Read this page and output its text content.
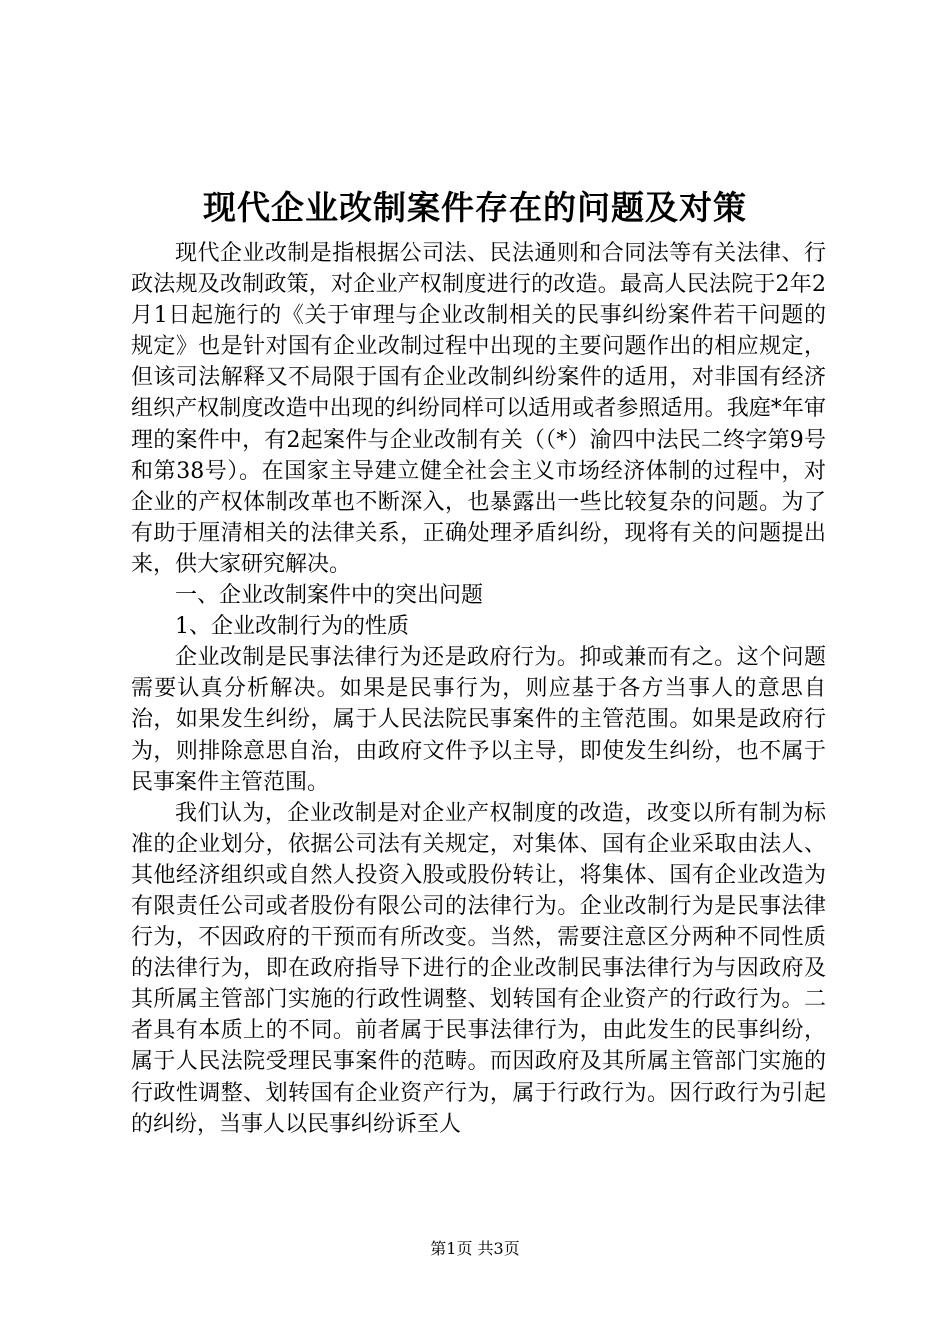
现代企业改制案件存在的问题及对策

现代企业改制是指根据公司法、民法通则和合同法等有关法律、行政法规及改制政策，对企业产权制度进行的改造。最高人民法院于2年2月1日起施行的《关于审理与企业改制相关的民事纠纷案件若干问题的规定》也是针对国有企业改制过程中出现的主要问题作出的相应规定，但该司法解释又不局限于国有企业改制纠纷案件的适用，对非国有经济组织产权制度改造中出现的纠纷同样可以适用或者参照适用。我庭*年审理的案件中，有2起案件与企业改制有关（（*）渝四中法民二终字第9号和第38号）。在国家主导建立健全社会主义市场经济体制的过程中，对企业的产权体制改革也不断深入，也暴露出一些比较复杂的问题。为了有助于厘清相关的法律关系，正确处理矛盾纠纷，现将有关的问题提出来，供大家研究解决。

一、企业改制案件中的突出问题

1、企业改制行为的性质

企业改制是民事法律行为还是政府行为。抑或兼而有之。这个问题需要认真分析解决。如果是民事行为，则应基于各方当事人的意思自治，如果发生纠纷，属于人民法院民事案件的主管范围。如果是政府行为，则排除意思自治，由政府文件予以主导，即使发生纠纷，也不属于民事案件主管范围。

我们认为，企业改制是对企业产权制度的改造，改变以所有制为标准的企业划分，依据公司法有关规定，对集体、国有企业采取由法人、其他经济组织或自然人投资入股或股份转让，将集体、国有企业改造为有限责任公司或者股份有限公司的法律行为。企业改制行为是民事法律行为，不因政府的干预而有所改变。当然，需要注意区分两种不同性质的法律行为，即在政府指导下进行的企业改制民事法律行为与因政府及其所属主管部门实施的行政性调整、划转国有企业资产的行政行为。二者具有本质上的不同。前者属于民事法律行为，由此发生的民事纠纷，属于人民法院受理民事案件的范畴。而因政府及其所属主管部门实施的行政性调整、划转国有企业资产行为，属于行政行为。因行政行为引起的纠纷，当事人以民事纠纷诉至人

第1页 共3页
